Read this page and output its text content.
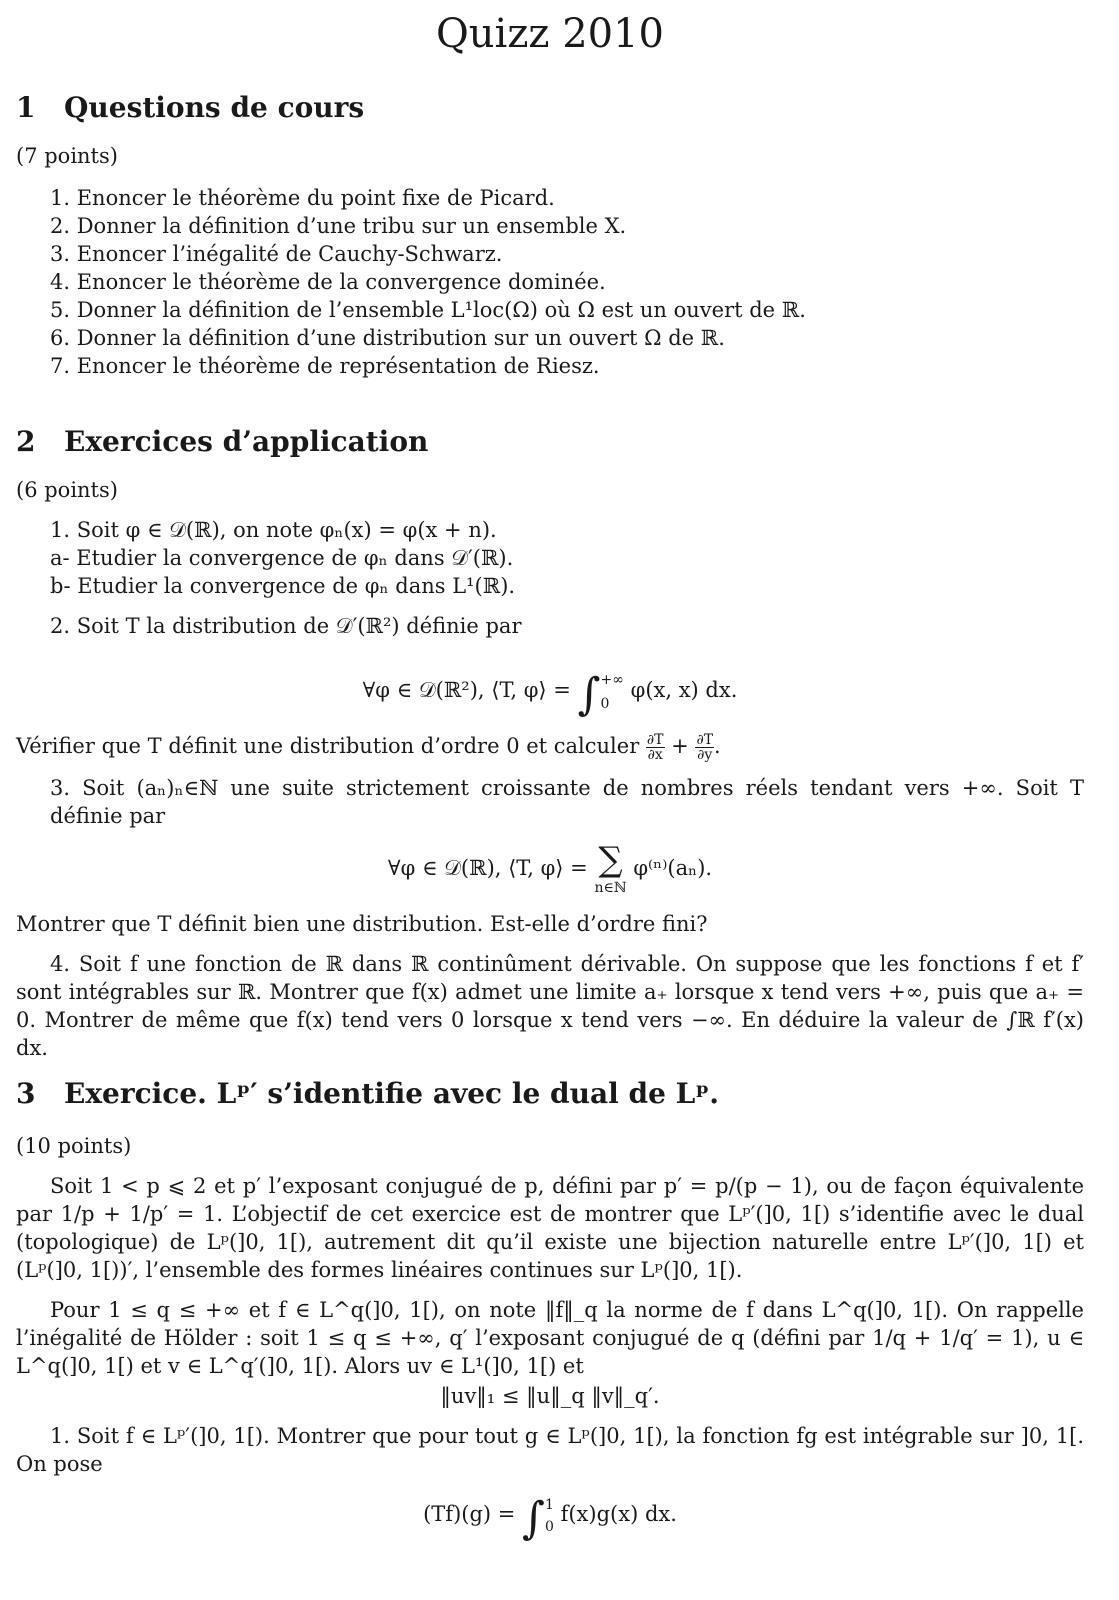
Quizz 2010
1 Questions de cours

(7 points)

1. Enoncer le théorème du point fixe de Picard.
2. Donner la définition d’une tribu sur un ensemble X.
3. Enoncer l’inégalité de Cauchy-Schwarz.
4. Enoncer le théorème de la convergence dominée.
5. Donner la définition de l’ensemble L¹loc(Ω) où Ω est un ouvert de ℝ.
6. Donner la définition d’une distribution sur un ouvert Ω de ℝ.
7. Enoncer le théorème de représentation de Riesz.
2 Exercices d’application

(6 points)

1. Soit φ ∈ 𝒟(ℝ), on note φₙ(x) = φ(x + n).

a- Etudier la convergence de φₙ dans 𝒟′(ℝ).

b- Etudier la convergence de φₙ dans L¹(ℝ).

2. Soit T la distribution de 𝒟′(ℝ²) définie par

∀φ ∈ 𝒟(ℝ²), ⟨T, φ⟩ = ∫ +∞
0
φ(x, x) dx.

Vérifier que T définit une distribution d’ordre 0 et calculer $\frac{\partial T}{\partial x} + \frac{\partial T}{\partial y}$ .

3. Soit (aₙ)ₙ∈ℕ une suite strictement croissante de nombres réels tendant vers +∞. Soit T définie par

∀φ ∈ 𝒟(ℝ), ⟨T, φ⟩ = ∑
n∈ℕ
φ⁽ⁿ⁾(aₙ).

Montrer que T définit bien une distribution. Est-elle d’ordre fini?

4. Soit f une fonction de ℝ dans ℝ continûment dérivable. On suppose que les fonctions f et f′ sont intégrables sur ℝ. Montrer que f(x) admet une limite a₊ lorsque x tend vers +∞, puis que a₊ = 0. Montrer de même que f(x) tend vers 0 lorsque x tend vers −∞. En déduire la valeur de ∫ℝ f′(x) dx.

3 Exercice. Lᵖ′ s’identifie avec le dual de Lᵖ.

(10 points)

Soit 1 < p ⩽ 2 et p′ l’exposant conjugué de p, défini par p′ = p/(p − 1), ou de façon équivalente par 1/p + 1/p′ = 1. L’objectif de cet exercice est de montrer que Lᵖ′(]0, 1[) s’identifie avec le dual (topologique) de Lᵖ(]0, 1[), autrement dit qu’il existe une bijection naturelle entre Lᵖ′(]0, 1[) et (Lᵖ(]0, 1[))′, l’ensemble des formes linéaires continues sur Lᵖ(]0, 1[).

Pour 1 ≤ q ≤ +∞ et f ∈ L^q(]0, 1[), on note ‖f‖_q la norme de f dans L^q(]0, 1[). On rappelle l’inégalité de Hölder : soit 1 ≤ q ≤ +∞, q′ l’exposant conjugué de q (défini par 1/q + 1/q′ = 1), u ∈ L^q(]0, 1[) et v ∈ L^q′(]0, 1[). Alors uv ∈ L¹(]0, 1[) et

‖uv‖₁ ≤ ‖u‖_q ‖v‖_q′.

1. Soit f ∈ Lᵖ′(]0, 1[). Montrer que pour tout g ∈ Lᵖ(]0, 1[), la fonction fg est intégrable sur ]0, 1[. On pose

(Tf)(g) = ∫ 1
0
f(x)g(x) dx.
